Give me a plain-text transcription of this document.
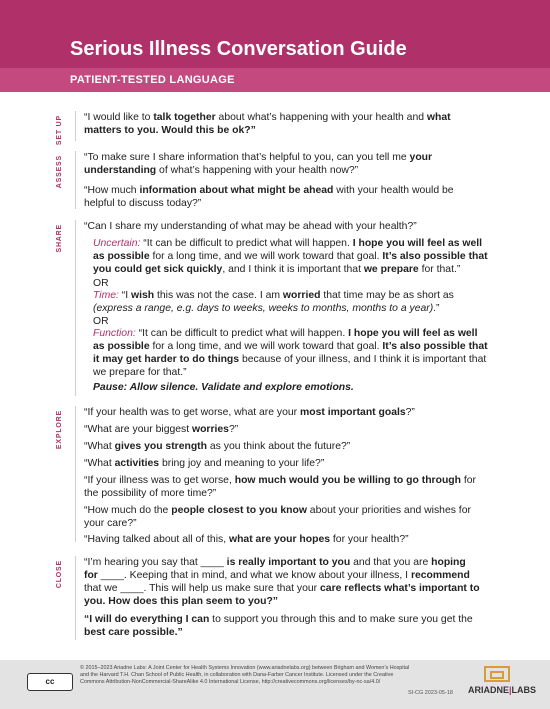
Serious Illness Conversation Guide
PATIENT-TESTED LANGUAGE
SET UP “I would like to talk together about what’s happening with your health and what matters to you. Would this be ok?”
ASSESS “To make sure I share information that’s helpful to you, can you tell me your understanding of what’s happening with your health now?”
“How much information about what might be ahead with your health would be helpful to discuss today?”
SHARE “Can I share my understanding of what may be ahead with your health?”
Uncertain: “It can be difficult to predict what will happen. I hope you will feel as well as possible for a long time, and we will work toward that goal. It’s also possible that you could get sick quickly, and I think it is important that we prepare for that.”
OR
Time: “I wish this was not the case. I am worried that time may be as short as (express a range, e.g. days to weeks, weeks to months, months to a year).”
OR
Function: “It can be difficult to predict what will happen. I hope you will feel as well as possible for a long time, and we will work toward that goal. It’s also possible that it may get harder to do things because of your illness, and I think it is important that we prepare for that.”
Pause: Allow silence. Validate and explore emotions.
EXPLORE “If your health was to get worse, what are your most important goals?”
“What are your biggest worries?”
“What gives you strength as you think about the future?”
“What activities bring joy and meaning to your life?”
“If your illness was to get worse, how much would you be willing to go through for the possibility of more time?”
“How much do the people closest to you know about your priorities and wishes for your care?”
“Having talked about all of this, what are your hopes for your health?”
CLOSE “I’m hearing you say that ____ is really important to you and that you are hoping for ____. Keeping that in mind, and what we know about your illness, I recommend that we ____. This will help us make sure that your care reflects what’s important to you. How does this plan seem to you?”
“I will do everything I can to support you through this and to make sure you get the best care possible.”
cc
© 2015–2023 Ariadne Labs: A Joint Center for Health Systems Innovation (www.ariadnelabs.org) between Brigham and Women’s Hospital and the Harvard T.H. Chan School of Public Health, in collaboration with Dana-Farber Cancer Institute. Licensed under the Creative Commons Attribution-NonCommercial-ShareAlike 4.0 International License, http://creativecommons.org/licenses/by-nc-sa/4.0/
SI-CG 2023-05-18 ARIADNE|LABS
